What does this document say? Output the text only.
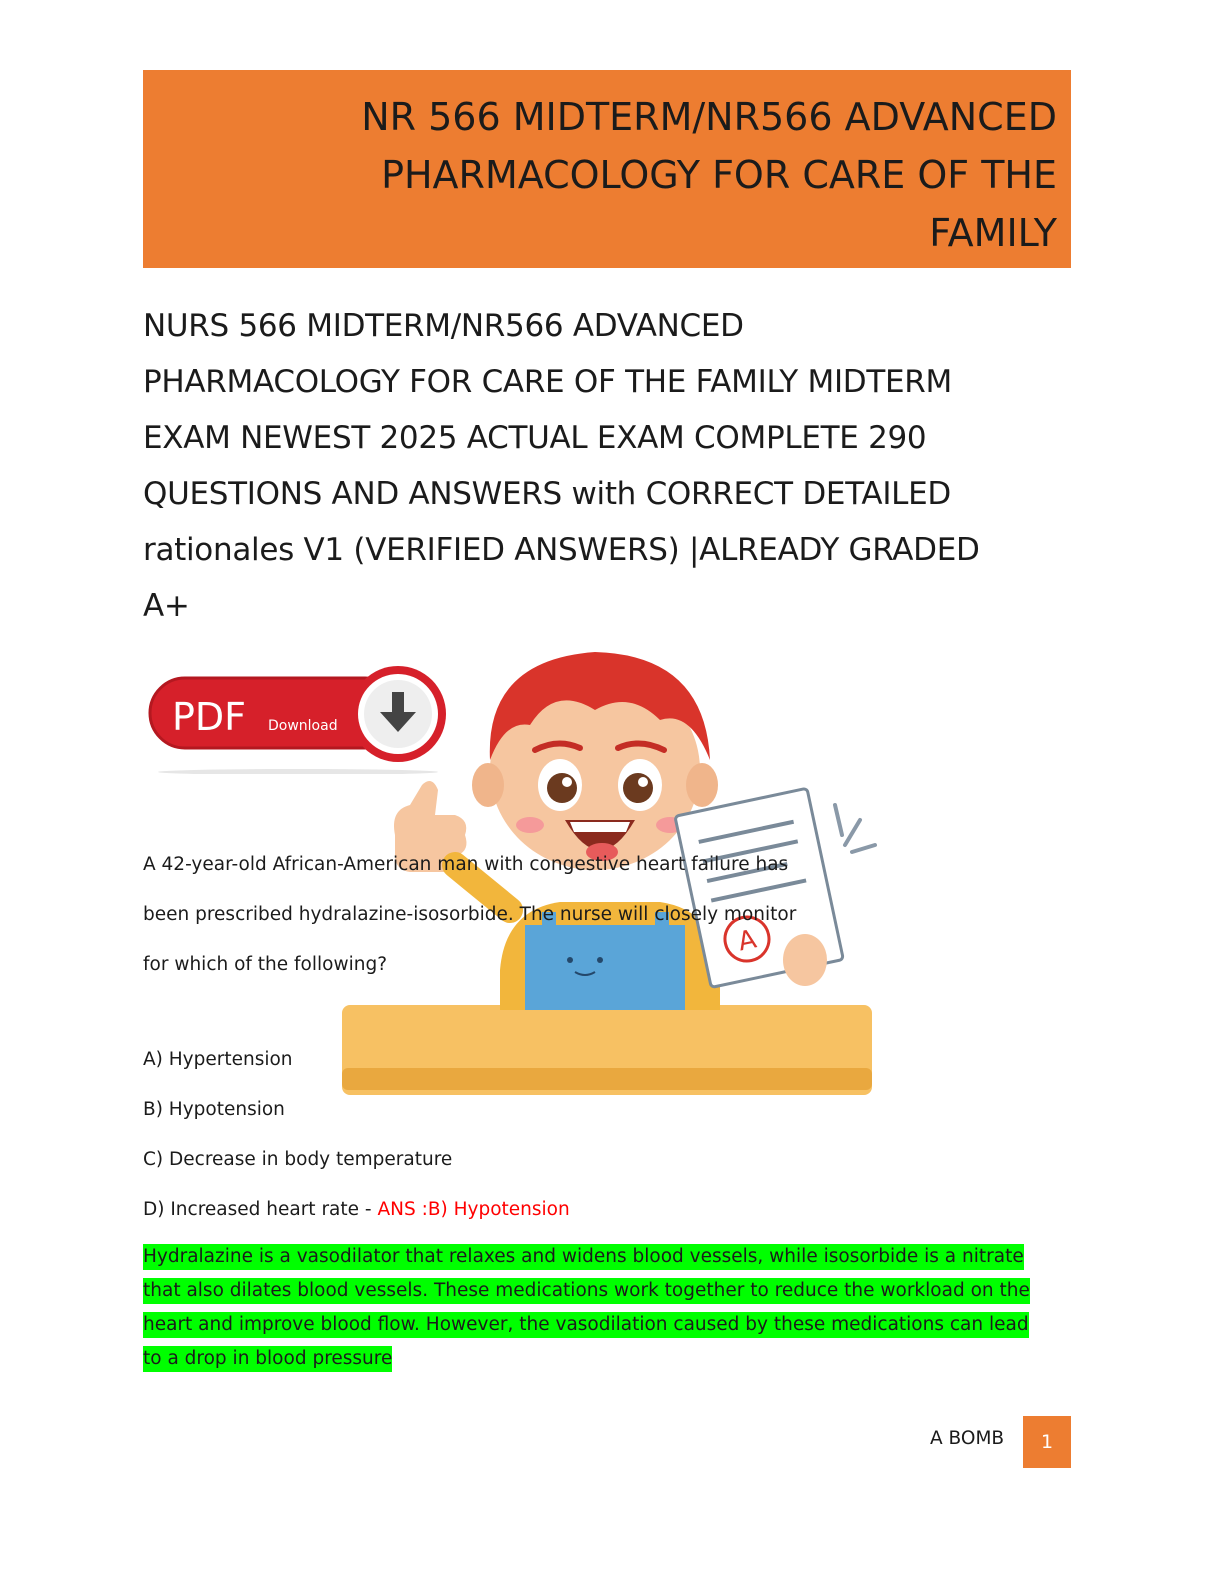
NR 566 MIDTERM/NR566 ADVANCED
PHARMACOLOGY FOR CARE OF THE
FAMILY
NURS 566 MIDTERM/NR566 ADVANCED
PHARMACOLOGY FOR CARE OF THE FAMILY MIDTERM
EXAM NEWEST 2025 ACTUAL EXAM COMPLETE 290
QUESTIONS AND ANSWERS with CORRECT DETAILED
rationales V1 (VERIFIED ANSWERS) |ALREADY GRADED
A+
A
PDF Download
A 42-year-old African-American man with congestive heart failure has
been prescribed hydralazine-isosorbide. The nurse will closely monitor
for which of the following?
A) Hypertension
B) Hypotension
C) Decrease in body temperature
D) Increased heart rate - ANS :B) Hypotension
Hydralazine is a vasodilator that relaxes and widens blood vessels, while isosorbide is a nitrate
that also dilates blood vessels. These medications work together to reduce the workload on the
heart and improve blood flow. However, the vasodilation caused by these medications can lead
to a drop in blood pressure
A BOMB	1
